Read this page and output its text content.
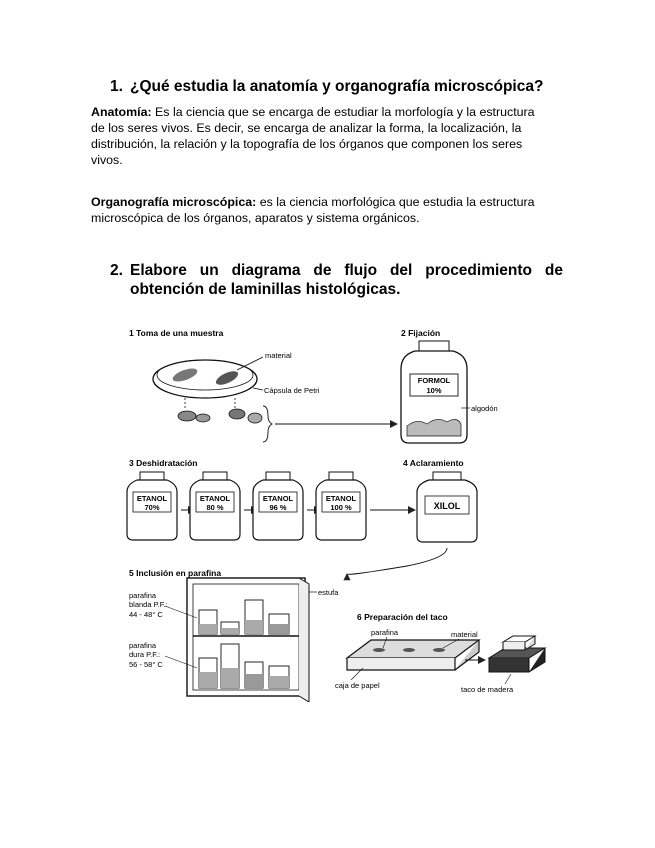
1. ¿Qué estudia la anatomía y organografía microscópica?
Anatomía: Es la ciencia que se encarga de estudiar la morfología y la estructura
de los seres vivos. Es decir, se encarga de analizar la forma, la localización, la
distribución, la relación y la topografía de los órganos que componen los seres
vivos.
Organografía microscópica: es la ciencia morfológica que estudia la estructura
microscópica de los órganos, aparatos y sistema orgánicos.
2. Elabore un diagrama de flujo del procedimiento de
obtención de laminillas histológicas.
1 Toma de una muestra
material
Cápsula de Petri
2 Fijación
FORMOL
10%
algodón
3 Deshidratación
ETANOL
70%
ETANOL
80 %
ETANOL
96 %
ETANOL
100 %
4 Aclaramiento
XILOL
5 Inclusión en parafina
parafina
blanda P.F.:
44 - 48° C
parafina
dura P.F.:
56 - 58° C
estufa
6 Preparación del taco
parafina	material
caja de papel	taco de madera
